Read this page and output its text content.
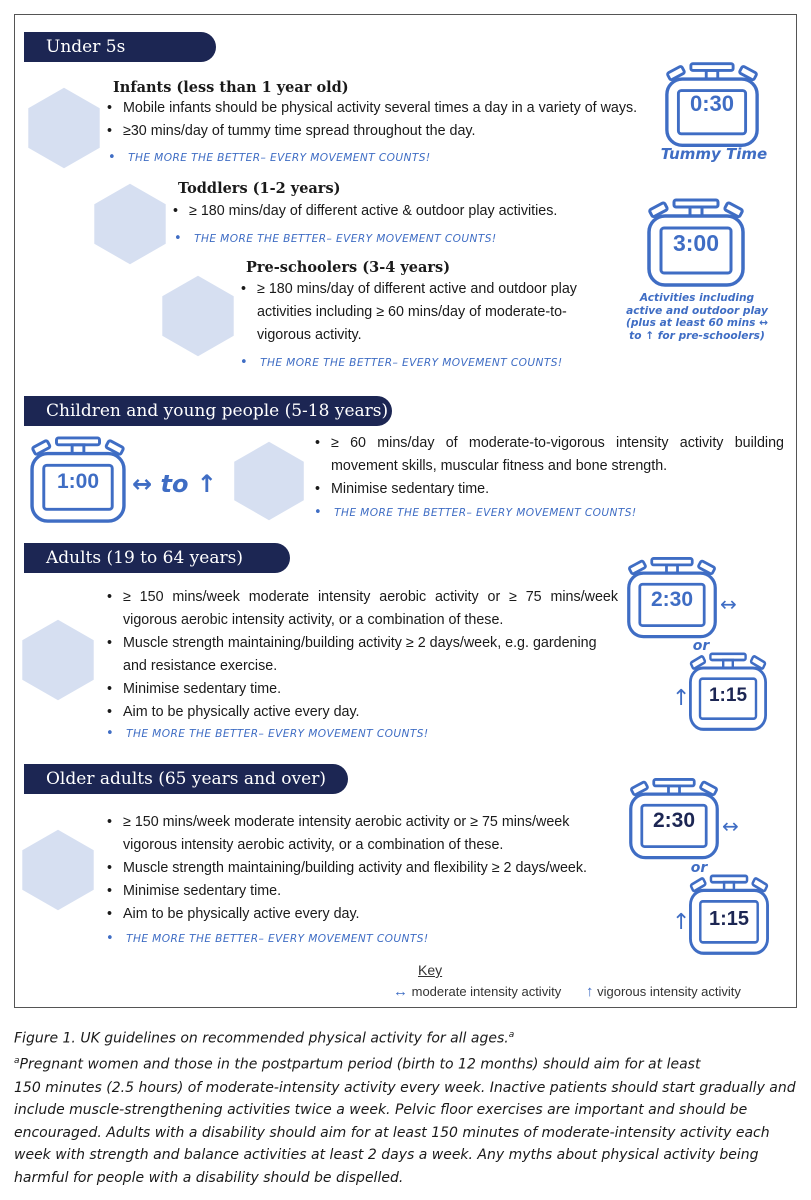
Under 5s
Infants (less than 1 year old)
• Mobile infants should be physical activity several times a day in a variety of ways.
• ≥30 mins/day of tummy time spread throughout the day.
• THE MORE THE BETTER– EVERY MOVEMENT COUNTS!
0:30
Tummy Time
Toddlers (1-2 years)
• ≥ 180 mins/day of different active & outdoor play activities.
• THE MORE THE BETTER– EVERY MOVEMENT COUNTS!	3:00
Activities including active and outdoor play (plus at least 60 mins ↔ to ↑ for pre-schoolers)
Pre-schoolers (3-4 years)
• ≥ 180 mins/day of different active and outdoor play activities including ≥ 60 mins/day of moderate-to-vigorous activity.
• THE MORE THE BETTER– EVERY MOVEMENT COUNTS!
Children and young people (5-18 years)
1:00	↔ to ↑
• ≥ 60 mins/day of moderate-to-vigorous intensity activity building movement skills, muscular fitness and bone strength.
• Minimise sedentary time.
• THE MORE THE BETTER– EVERY MOVEMENT COUNTS!
Adults (19 to 64 years)
• ≥ 150 mins/week moderate intensity aerobic activity or ≥ 75 mins/week vigorous aerobic intensity activity, or a combination of these.
• Muscle strength maintaining/building activity ≥ 2 days/week, e.g. gardening and resistance exercise.
• Minimise sedentary time.
• Aim to be physically active every day.
• THE MORE THE BETTER– EVERY MOVEMENT COUNTS!
2:30	↔
or
↑ 1:15
Older adults (65 years and over)
• ≥ 150 mins/week moderate intensity aerobic activity or ≥ 75 mins/week vigorous intensity aerobic activity, or a combination of these.
• Muscle strength maintaining/building activity and flexibility ≥ 2 days/week.
• Minimise sedentary time.
• Aim to be physically active every day.
• THE MORE THE BETTER– EVERY MOVEMENT COUNTS!
2:30	↔
or
↑ 1:15
Key
↔ moderate intensity activity ↑ vigorous intensity activity
Figure 1. UK guidelines on recommended physical activity for all ages.$^a$
$^a$Pregnant women and those in the postpartum period (birth to 12 months) should aim for at least
150 minutes (2.5 hours) of moderate-intensity activity every week. Inactive patients should start gradually and include muscle-strengthening activities twice a week. Pelvic floor exercises are important and should be encouraged. Adults with a disability should aim for at least 150 minutes of moderate-intensity activity each week with strength and balance activities at least 2 days a week. Any myths about physical activity being harmful for people with a disability should be dispelled.
